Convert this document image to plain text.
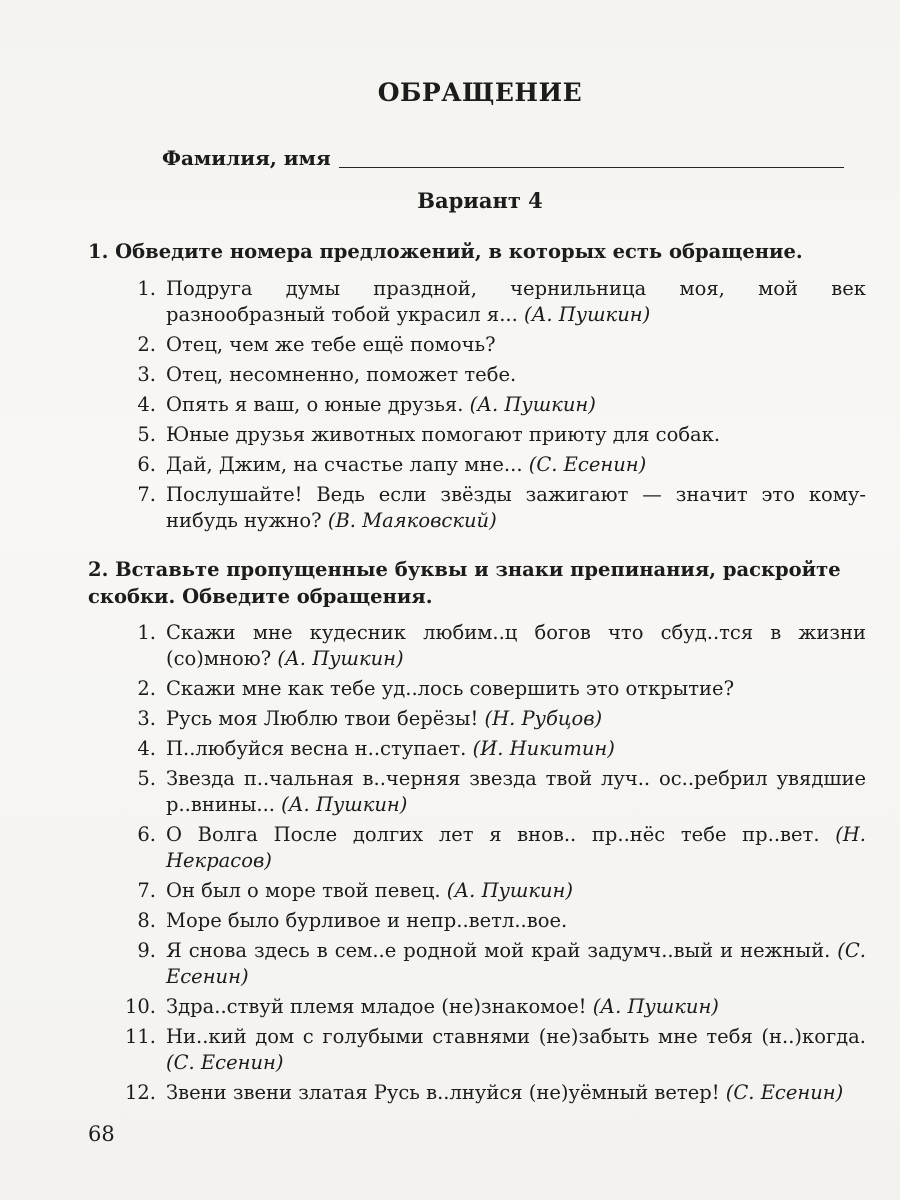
ОБРАЩЕНИЕ
Фамилия, имя
Вариант 4
1. Обведите номера предложений, в которых есть обращение.
1. Подруга думы праздной, чернильница моя, мой век разнообразный тобой украсил я... (А. Пушкин)
2. Отец, чем же тебе ещё помочь?
3. Отец, несомненно, поможет тебе.
4. Опять я ваш, о юные друзья. (А. Пушкин)
5. Юные друзья животных помогают приюту для собак.
6. Дай, Джим, на счастье лапу мне... (С. Есенин)
7. Послушайте! Ведь если звёзды зажигают — значит это кому-нибудь нужно? (В. Маяковский)
2. Вставьте пропущенные буквы и знаки препинания, раскройте скобки. Обведите обращения.
1. Скажи мне кудесник любим..ц богов что сбуд..тся в жизни (со)мною? (А. Пушкин)
2. Скажи мне как тебе уд..лось совершить это открытие?
3. Русь моя Люблю твои берёзы! (Н. Рубцов)
4. П..любуйся весна н..ступает. (И. Никитин)
5. Звезда п..чальная в..черняя звезда твой луч.. ос..ребрил увядшие р..внины... (А. Пушкин)
6. О Волга После долгих лет я внов.. пр..нёс тебе пр..вет. (Н. Некрасов)
7. Он был о море твой певец. (А. Пушкин)
8. Море было бурливое и непр..ветл..вое.
9. Я снова здесь в сем..е родной мой край задумч..вый и нежный. (С. Есенин)
10. Здра..ствуй племя младое (не)знакомое! (А. Пушкин)
11. Ни..кий дом с голубыми ставнями (не)забыть мне тебя (н..)когда. (С. Есенин)
12. Звени звени златая Русь в..лнуйся (не)уёмный ветер! (С. Есенин)
68
